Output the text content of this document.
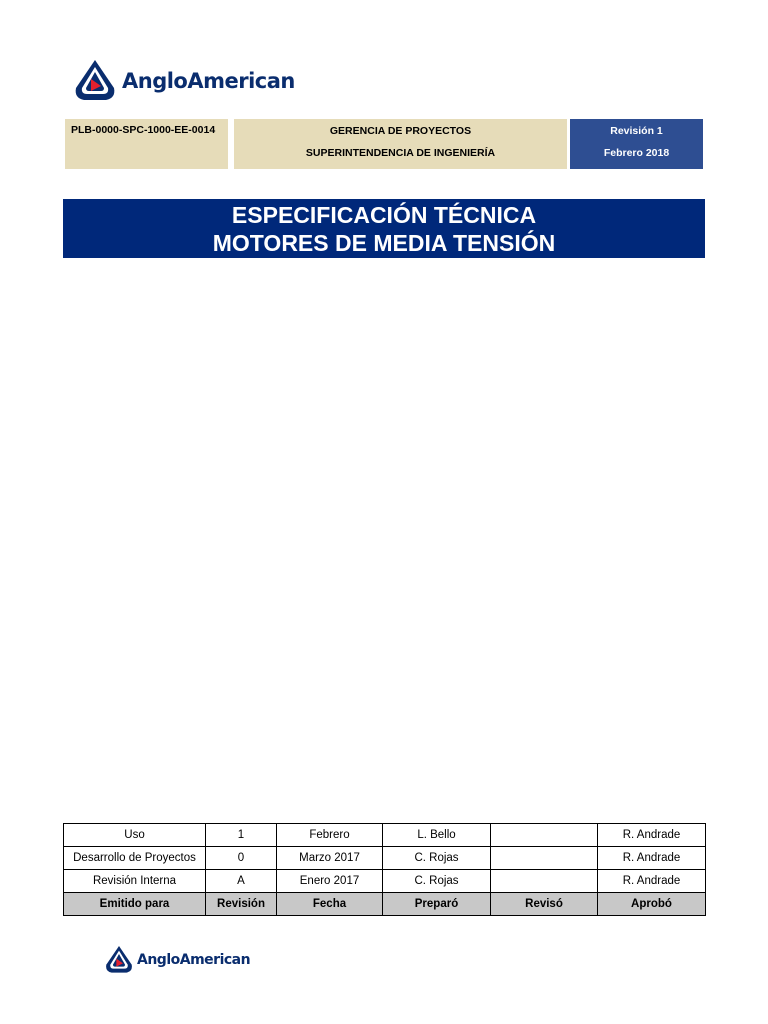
AngloAmerican
PLB-0000-SPC-1000-EE-0014	GERENCIA DE PROYECTOS
SUPERINTENDENCIA DE INGENIERÍA
Revisión 1
Febrero 2018
ESPECIFICACIÓN TÉCNICA
MOTORES DE MEDIA TENSIÓN
Uso	1	Febrero	L. Bello		R. Andrade
Desarrollo de Proyectos	0	Marzo 2017	C. Rojas		R. Andrade
Revisión Interna	A	Enero 2017	C. Rojas		R. Andrade
Emitido para	Revisión	Fecha	Preparó	Revisó	Aprobó
AngloAmerican
